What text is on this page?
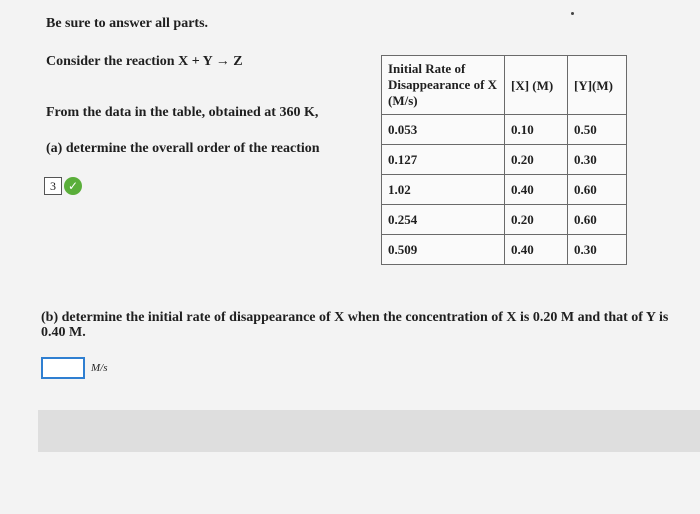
Be sure to answer all parts.
Consider the reaction X + Y → Z
From the data in the table, obtained at 360 K,
(a) determine the overall order of the reaction
3 ✓
Initial Rate of Disappearance of X (M/s)	[X] (M)	[Y](M)
0.053	0.10	0.50
0.127	0.20	0.30
1.02	0.40	0.60
0.254	0.20	0.60
0.509	0.40	0.30
(b) determine the initial rate of disappearance of X when the concentration of X is 0.20 M and that of Y is 0.40 M.
M/s
